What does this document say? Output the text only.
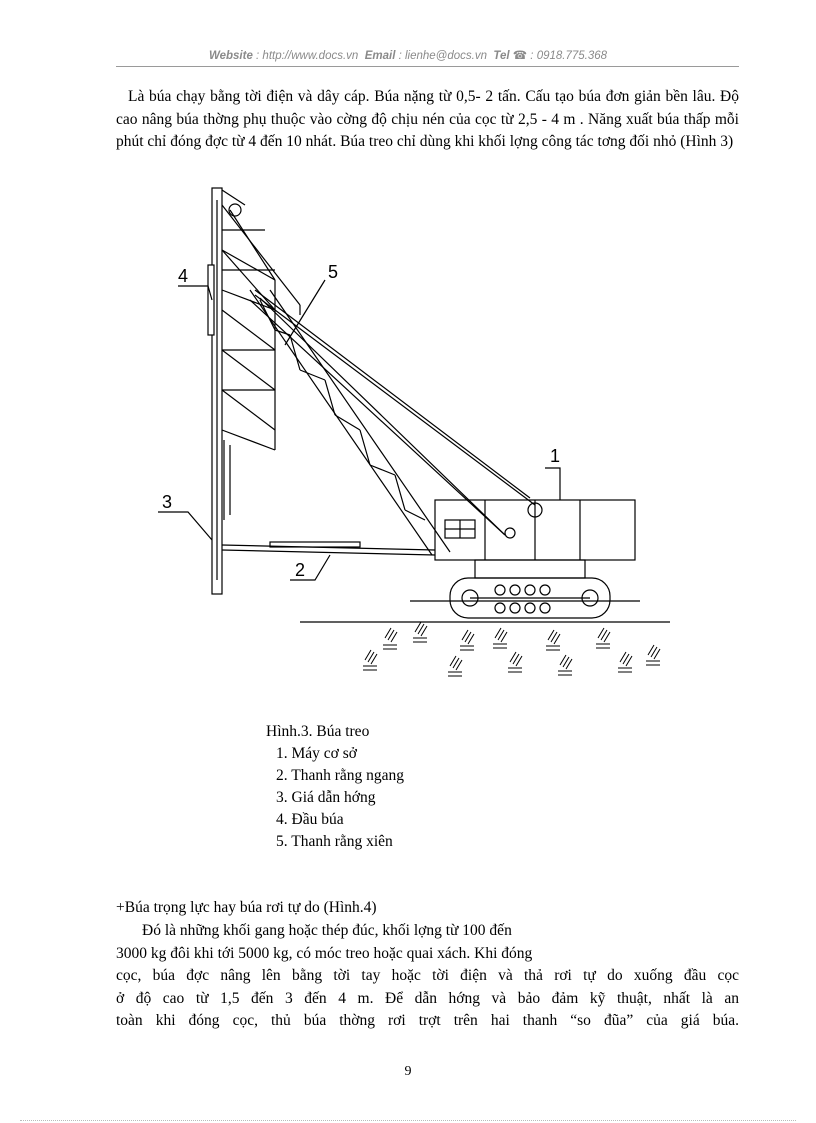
Website : http://www.docs.vn Email : lienhe@docs.vn Tel ☎ : 0918.775.368
Là búa chạy bằng tời điện và dây cáp. Búa nặng từ 0,5- 2 tấn. Cấu tạo búa đơn giản bền lâu. Độ cao nâng búa thờng phụ thuộc vào cờng độ chịu nén của cọc từ 2,5 - 4 m . Năng xuất búa thấp mỗi phút chỉ đóng đợc từ 4 đến 10 nhát. Búa treo chỉ dùng khi khối lợng công tác tơng đối nhỏ (Hình 3)
1
2
3
4	5
Hình.3. Búa treo
1. Máy cơ sở
2. Thanh rằng ngang
3. Giá dẫn hớng
4. Đầu búa
5. Thanh rằng xiên
+Búa trọng lực hay búa rơi tự do (Hình.4)
Đó là những khối gang hoặc thép đúc, khối lợng từ 100 đến
3000 kg đôi khi tới 5000 kg, có móc treo hoặc quai xách. Khi đóng
cọc, búa đợc nâng lên bằng tời tay hoặc tời điện và thả rơi tự do xuống đầu cọc
ở độ cao từ 1,5 đến 3 đến 4 m. Để dẫn hớng và bảo đảm kỹ thuật, nhất là an
toàn khi đóng cọc, thủ búa thờng rơi trợt trên hai thanh “so đũa” của giá búa.
9
